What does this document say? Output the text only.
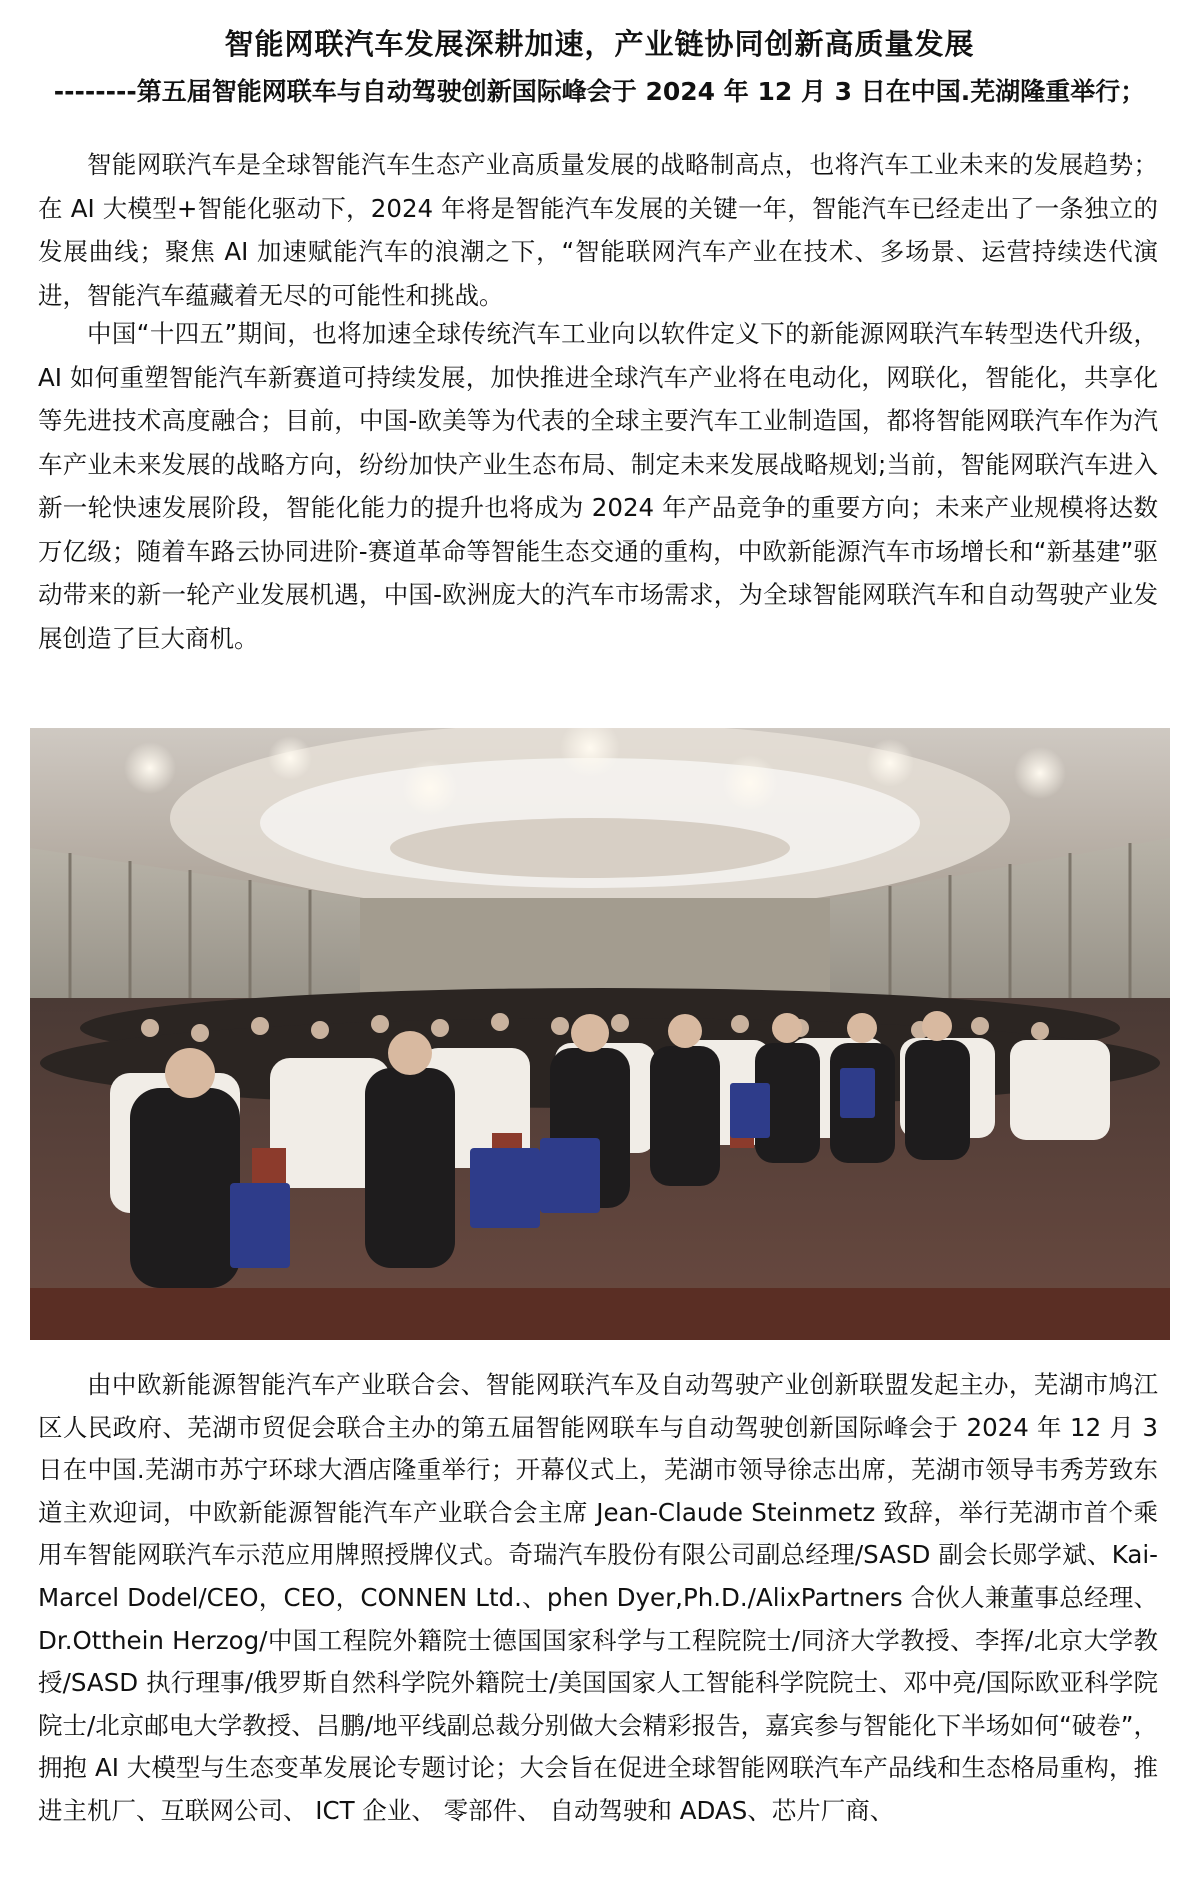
智能网联汽车发展深耕加速，产业链协同创新高质量发展
--------第五届智能网联车与自动驾驶创新国际峰会于 2024 年 12 月 3 日在中国.芜湖隆重举行；

智能网联汽车是全球智能汽车生态产业高质量发展的战略制高点，也将汽车工业未来的发展趋势；在 AI 大模型+智能化驱动下，2024 年将是智能汽车发展的关键一年，智能汽车已经走出了一条独立的发展曲线；聚焦 AI 加速赋能汽车的浪潮之下，“智能联网汽车产业在技术、多场景、运营持续迭代演进，智能汽车蕴藏着无尽的可能性和挑战。

中国“十四五”期间，也将加速全球传统汽车工业向以软件定义下的新能源网联汽车转型迭代升级，AI 如何重塑智能汽车新赛道可持续发展，加快推进全球汽车产业将在电动化，网联化，智能化，共享化等先进技术高度融合；目前，中国-欧美等为代表的全球主要汽车工业制造国，都将智能网联汽车作为汽车产业未来发展的战略方向，纷纷加快产业生态布局、制定未来发展战略规划;当前，智能网联汽车进入新一轮快速发展阶段，智能化能力的提升也将成为 2024 年产品竞争的重要方向；未来产业规模将达数万亿级；随着车路云协同进阶-赛道革命等智能生态交通的重构，中欧新能源汽车市场增长和“新基建”驱动带来的新一轮产业发展机遇，中国-欧洲庞大的汽车市场需求，为全球智能网联汽车和自动驾驶产业发展创造了巨大商机。

由中欧新能源智能汽车产业联合会、智能网联汽车及自动驾驶产业创新联盟发起主办，芜湖市鸠江区人民政府、芜湖市贸促会联合主办的第五届智能网联车与自动驾驶创新国际峰会于 2024 年 12 月 3 日在中国.芜湖市苏宁环球大酒店隆重举行；开幕仪式上，芜湖市领导徐志出席，芜湖市领导韦秀芳致东道主欢迎词，中欧新能源智能汽车产业联合会主席 Jean-Claude Steinmetz 致辞，举行芜湖市首个乘用车智能网联汽车示范应用牌照授牌仪式。奇瑞汽车股份有限公司副总经理/SASD 副会长郧学斌、Kai-Marcel Dodel/CEO，CEO，CONNEN Ltd.、phen Dyer,Ph.D./AlixPartners 合伙人兼董事总经理、Dr.Otthein Herzog/中国工程院外籍院士德国国家科学与工程院院士/同济大学教授、李挥/北京大学教授/SASD 执行理事/俄罗斯自然科学院外籍院士/美国国家人工智能科学院院士、邓中亮/国际欧亚科学院院士/北京邮电大学教授、吕鹏/地平线副总裁分别做大会精彩报告，嘉宾参与智能化下半场如何“破卷”，拥抱 AI 大模型与生态变革发展论专题讨论；大会旨在促进全球智能网联汽车产品线和生态格局重构，推进主机厂、互联网公司、 ICT 企业、 零部件、 自动驾驶和 ADAS、芯片厂商、
